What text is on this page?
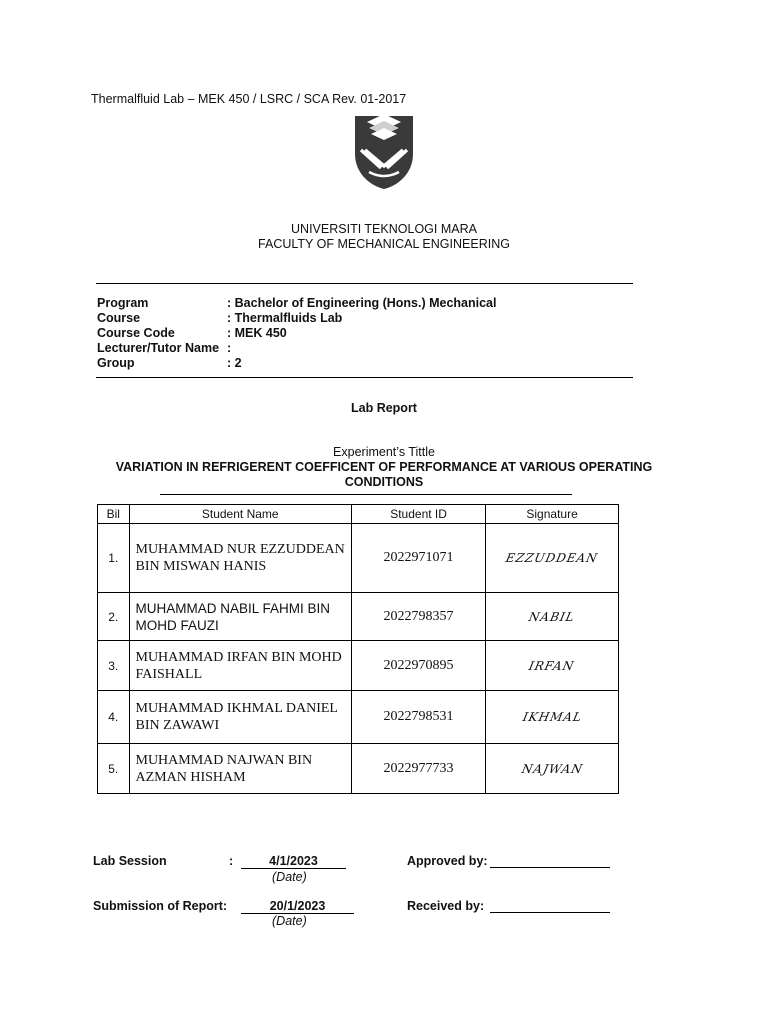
Thermalfluid Lab – MEK 450 / LSRC / SCA Rev. 01-2017
UNIVERSITI TEKNOLOGI MARA
FACULTY OF MECHANICAL ENGINEERING
Program	: Bachelor of Engineering (Hons.) Mechanical
Course	: Thermalfluids Lab
Course Code	: MEK 450
Lecturer/Tutor Name :
Group	: 2
Lab Report
Experiment’s Tittle
VARIATION IN REFRIGERENT COEFFICENT OF PERFORMANCE AT VARIOUS OPERATING
CONDITIONS
Bil	Student Name	Student ID	Signature
1.	MUHAMMAD NUR EZZUDDEAN BIN MISWAN HANIS	2022971071	EZZUDDEAN
2.	MUHAMMAD NABIL FAHMI BIN MOHD FAUZI	2022798357	NABIL
3.	MUHAMMAD IRFAN BIN MOHD FAISHALL	2022970895	IRFAN
4.	MUHAMMAD IKHMAL DANIEL BIN ZAWAWI	2022798531	IKHMAL
5.	MUHAMMAD NAJWAN BIN AZMAN HISHAM	2022977733	NAJWAN
Lab Session	:	4/1/2023
(Date)
Approved by:
Submission of Report:	20/1/2023
(Date)
Received by:
